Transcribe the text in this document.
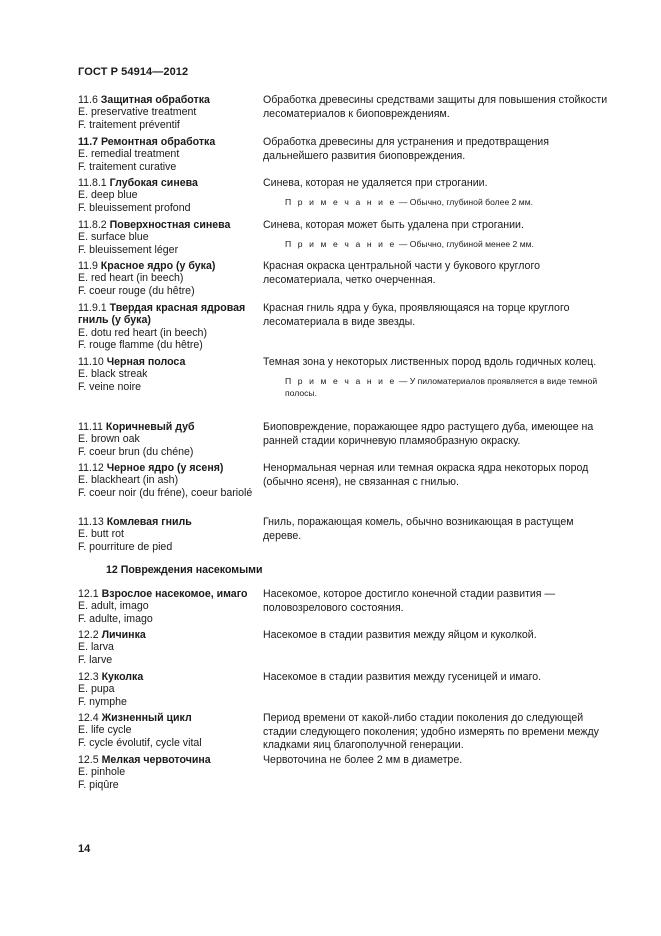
ГОСТ Р 54914—2012
11.6 Защитная обработка
E. preservative treatment
F. traitement préventif
Обработка древесины средствами защиты для повышения стойкости лесоматериалов к биоповреждениям.
11.7 Ремонтная обработка
E. remedial treatment
F. traitement curative
Обработка древесины для устранения и предотвращения дальнейшего развития биоповреждения.
11.8.1 Глубокая синева
E. deep blue
F. bleuissement profond
Синева, которая не удаляется при строгании.
П р и м е ч а н и е — Обычно, глубиной более 2 мм.
11.8.2 Поверхностная синева
E. surface blue
F. bleuissement léger
Синева, которая может быть удалена при строгании.
П р и м е ч а н и е — Обычно, глубиной менее 2 мм.
11.9 Красное ядро (у бука)
E. red heart (in beech)
F. coeur rouge (du hêtre)
Красная окраска центральной части у букового круглого лесоматериала, четко очерченная.
11.9.1 Твердая красная ядровая гниль (у бука)
E. dotu red heart (in beech)
F. rouge flamme (du hêtre)
Красная гниль ядра у бука, проявляющаяся на торце круглого лесоматериала в виде звезды.
11.10 Черная полоса
E. black streak
F. veine noire
Темная зона у некоторых лиственных пород вдоль годичных колец.
П р и м е ч а н и е — У пиломатериалов проявляется в виде темной полосы.
11.11 Коричневый дуб
E. brown oak
F. coeur brun (du chéne)
Биоповреждение, поражающее ядро растущего дуба, имеющее на ранней стадии коричневую пламяобразную окраску.
11.12 Черное ядро (у ясеня)
E. blackheart (in ash)
F. coeur noir (du fréne), coeur bariolé
Ненормальная черная или темная окраска ядра некоторых пород (обычно ясеня), не связанная с гнилью.
11.13 Комлевая гниль
E. butt rot
F. pourriture de pied
Гниль, поражающая комель, обычно возникающая в растущем дереве.
12 Повреждения насекомыми
12.1 Взрослое насекомое, имаго
E. adult, imago
F. adulte, imago
Насекомое, которое достигло конечной стадии развития — половозрелового состояния.
12.2 Личинка
E. larva
F. larve
Насекомое в стадии развития между яйцом и куколкой.
12.3 Куколка
E. pupa
F. nymphe
Насекомое в стадии развития между гусеницей и имаго.
12.4 Жизненный цикл
E. life cycle
F. cycle évolutif, cycle vital
Период времени от какой-либо стадии поколения до следующей стадии следующего поколения; удобно измерять по времени между кладками яиц благополучной генерации.
12.5 Мелкая червоточина
E. pinhole
F. piqûre
Червоточина не более 2 мм в диаметре.
14
